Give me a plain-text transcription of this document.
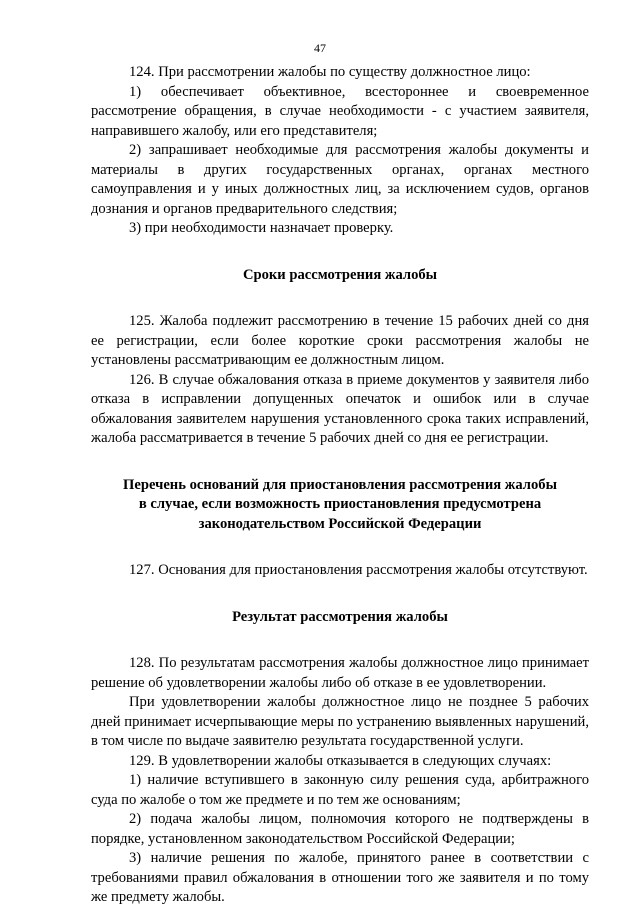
47

124. При рассмотрении жалобы по существу должностное лицо:

1) обеспечивает объективное, всестороннее и своевременное рассмотрение обращения, в случае необходимости - с участием заявителя, направившего жалобу, или его представителя;

2) запрашивает необходимые для рассмотрения жалобы документы и материалы в других государственных органах, органах местного самоуправления и у иных должностных лиц, за исключением судов, органов дознания и органов предварительного следствия;

3) при необходимости назначает проверку.

Сроки рассмотрения жалобы

125. Жалоба подлежит рассмотрению в течение 15 рабочих дней со дня ее регистрации, если более короткие сроки рассмотрения жалобы не установлены рассматривающим ее должностным лицом.

126. В случае обжалования отказа в приеме документов у заявителя либо отказа в исправлении допущенных опечаток и ошибок или в случае обжалования заявителем нарушения установленного срока таких исправлений, жалоба рассматривается в течение 5 рабочих дней со дня ее регистрации.

Перечень оснований для приостановления рассмотрения жалобы
в случае, если возможность приостановления предусмотрена
законодательством Российской Федерации

127. Основания для приостановления рассмотрения жалобы отсутствуют.

Результат рассмотрения жалобы

128. По результатам рассмотрения жалобы должностное лицо принимает решение об удовлетворении жалобы либо об отказе в ее удовлетворении.

При удовлетворении жалобы должностное лицо не позднее 5 рабочих дней принимает исчерпывающие меры по устранению выявленных нарушений, в том числе по выдаче заявителю результата государственной услуги.

129. В удовлетворении жалобы отказывается в следующих случаях:

1) наличие вступившего в законную силу решения суда, арбитражного суда по жалобе о том же предмете и по тем же основаниям;

2) подача жалобы лицом, полномочия которого не подтверждены в порядке, установленном законодательством Российской Федерации;

3) наличие решения по жалобе, принятого ранее в соответствии с требованиями правил обжалования в отношении того же заявителя и по тому же предмету жалобы.
